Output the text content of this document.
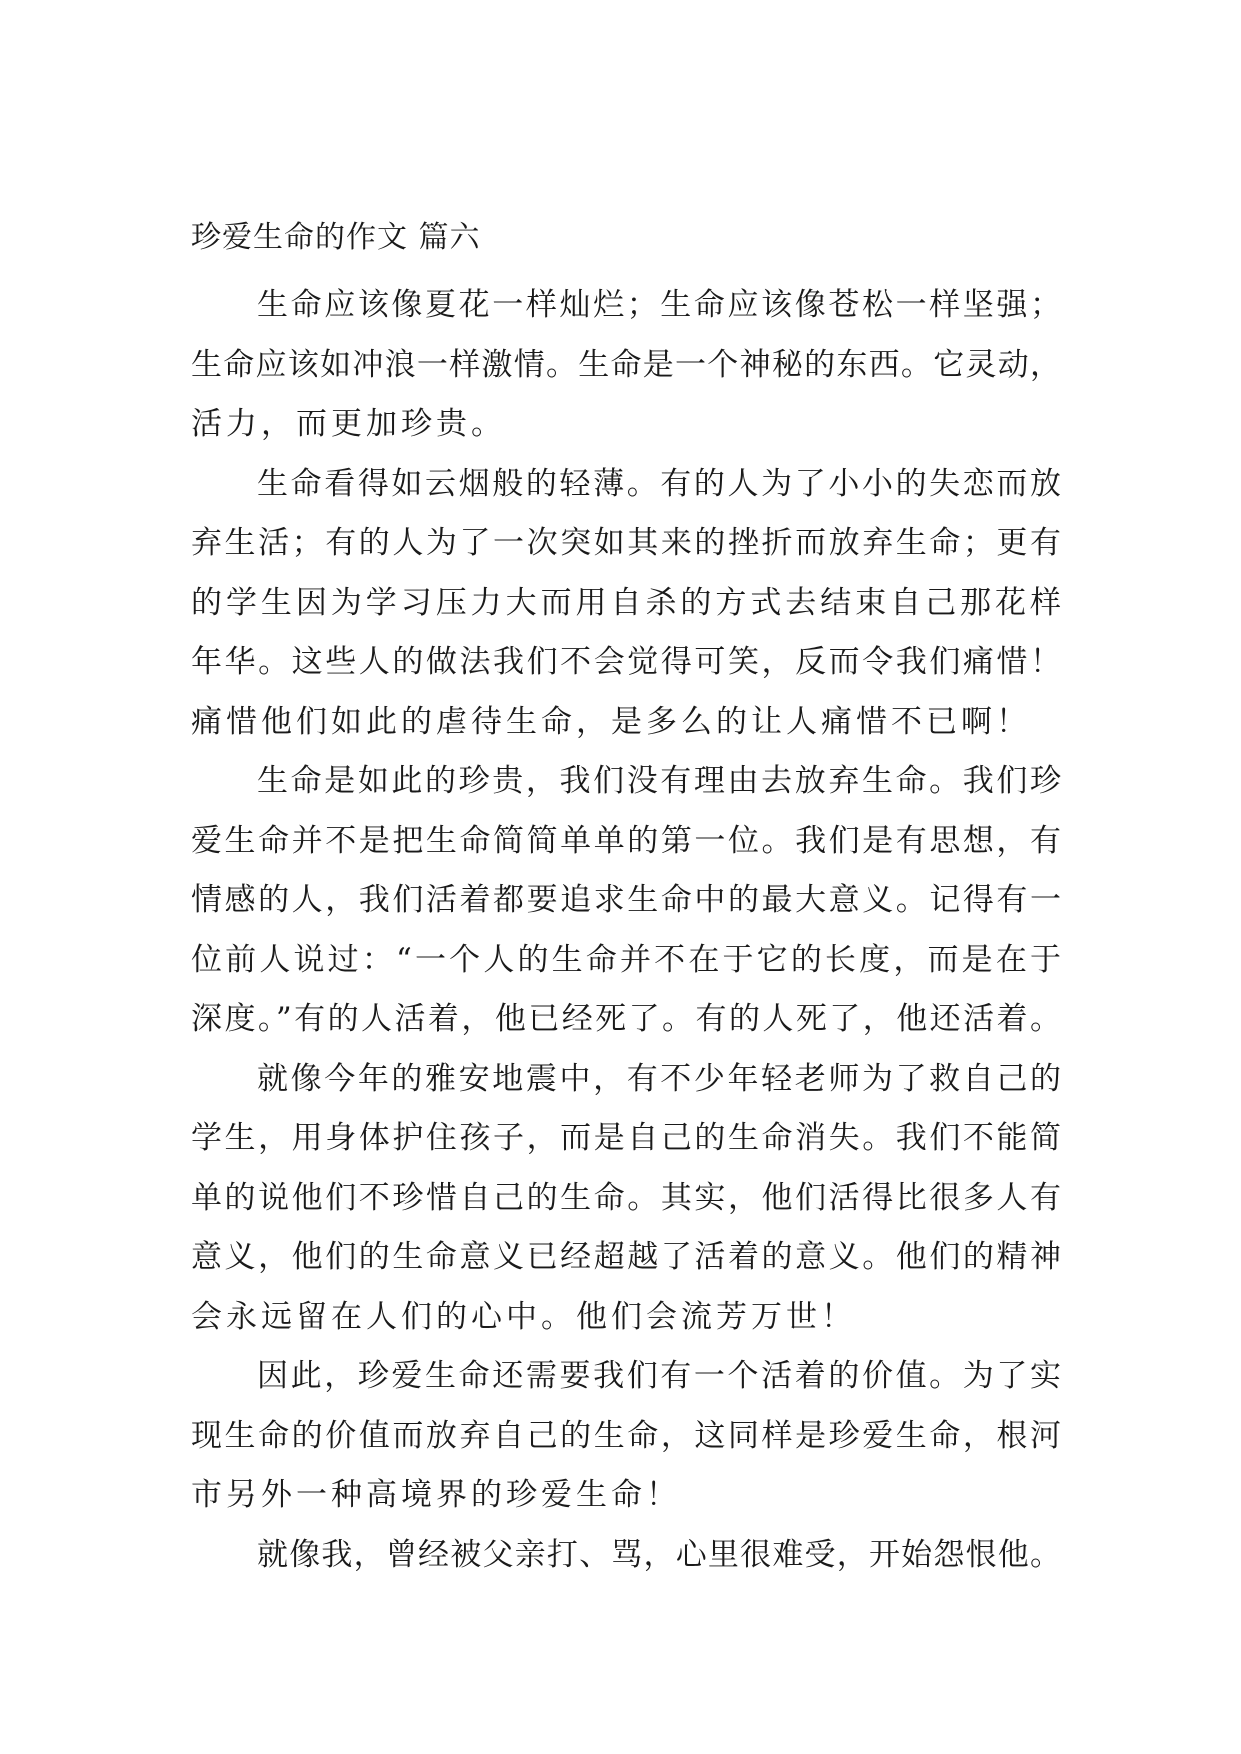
珍爱生命的作文 篇六

生命应该像夏花一样灿烂；生命应该像苍松一样坚强；
生命应该如冲浪一样激情。生命是一个神秘的东西。它灵动，
活力，而更加珍贵。

生命看得如云烟般的轻薄。有的人为了小小的失恋而放
弃生活；有的人为了一次突如其来的挫折而放弃生命；更有
的学生因为学习压力大而用自杀的方式去结束自己那花样
年华。这些人的做法我们不会觉得可笑，反而令我们痛惜！
痛惜他们如此的虐待生命，是多么的让人痛惜不已啊！

生命是如此的珍贵，我们没有理由去放弃生命。我们珍
爱生命并不是把生命简简单单的第一位。我们是有思想，有
情感的人，我们活着都要追求生命中的最大意义。记得有一
位前人说过：“一个人的生命并不在于它的长度，而是在于
深度。”有的人活着，他已经死了。有的人死了，他还活着。

就像今年的雅安地震中，有不少年轻老师为了救自己的
学生，用身体护住孩子，而是自己的生命消失。我们不能简
单的说他们不珍惜自己的生命。其实，他们活得比很多人有
意义，他们的生命意义已经超越了活着的意义。他们的精神
会永远留在人们的心中。他们会流芳万世！

因此，珍爱生命还需要我们有一个活着的价值。为了实
现生命的价值而放弃自己的生命，这同样是珍爱生命，根河
市另外一种高境界的珍爱生命！

就像我，曾经被父亲打、骂，心里很难受，开始怨恨他。
